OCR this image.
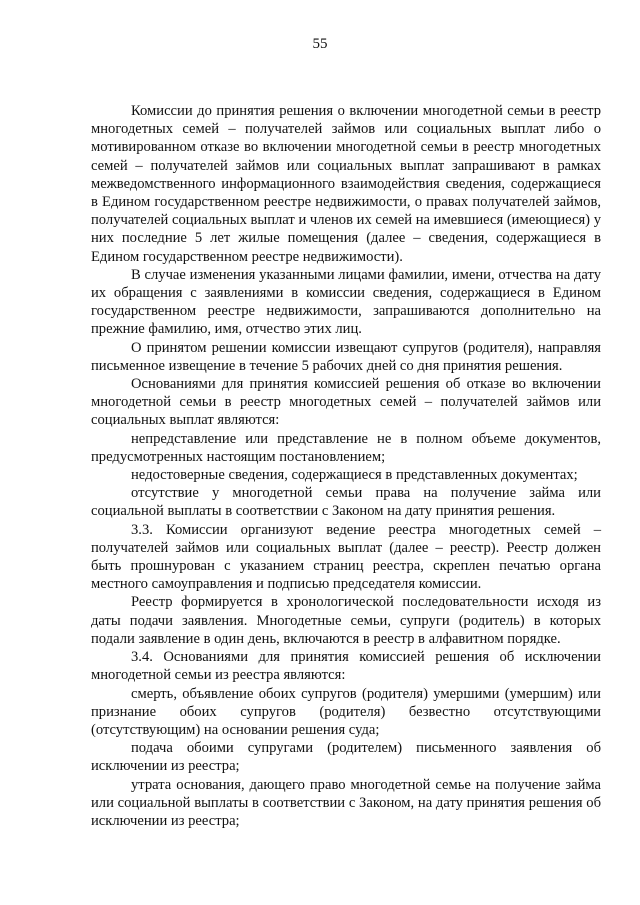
55

Комиссии до принятия решения о включении многодетной семьи в реестр многодетных семей – получателей займов или социальных выплат либо о мотивированном отказе во включении многодетной семьи в реестр многодетных семей – получателей займов или социальных выплат запрашивают в рамках межведомственного информационного взаимодействия сведения, содержащиеся в Едином государственном реестре недвижимости, о правах получателей займов, получателей социальных выплат и членов их семей на имевшиеся (имеющиеся) у них последние 5 лет жилые помещения (далее – сведения, содержащиеся в Едином государственном реестре недвижимости).

В случае изменения указанными лицами фамилии, имени, отчества на дату их обращения с заявлениями в комиссии сведения, содержащиеся в Едином государственном реестре недвижимости, запрашиваются дополнительно на прежние фамилию, имя, отчество этих лиц.

О принятом решении комиссии извещают супругов (родителя), направляя письменное извещение в течение 5 рабочих дней со дня принятия решения.

Основаниями для принятия комиссией решения об отказе во включении многодетной семьи в реестр многодетных семей – получателей займов или социальных выплат являются:

непредставление или представление не в полном объеме документов, предусмотренных настоящим постановлением;

недостоверные сведения, содержащиеся в представленных документах;

отсутствие у многодетной семьи права на получение займа или социальной выплаты в соответствии с Законом на дату принятия решения.

3.3. Комиссии организуют ведение реестра многодетных семей – получателей займов или социальных выплат (далее – реестр). Реестр должен быть прошнурован с указанием страниц реестра, скреплен печатью органа местного самоуправления и подписью председателя комиссии.

Реестр формируется в хронологической последовательности исходя из даты подачи заявления. Многодетные семьи, супруги (родитель) в которых подали заявление в один день, включаются в реестр в алфавитном порядке.

3.4. Основаниями для принятия комиссией решения об исключении многодетной семьи из реестра являются:

смерть, объявление обоих супругов (родителя) умершими (умершим) или признание обоих супругов (родителя) безвестно отсутствующими (отсутствующим) на основании решения суда;

подача обоими супругами (родителем) письменного заявления об исключении из реестра;

утрата основания, дающего право многодетной семье на получение займа или социальной выплаты в соответствии с Законом, на дату принятия решения об исключении из реестра;
